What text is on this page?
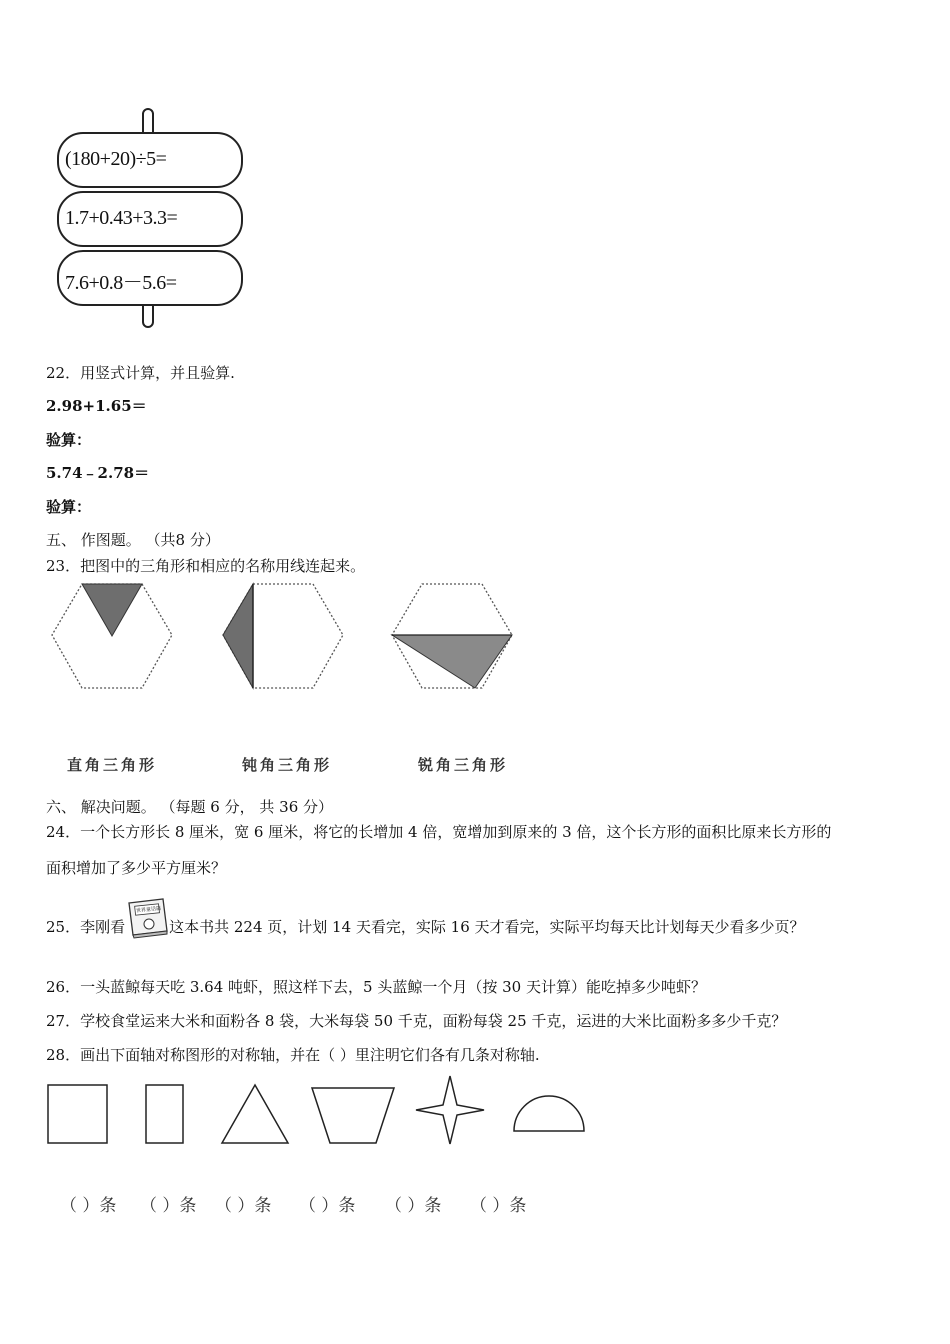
(180+20)÷5=
1.7+0.43+3.3=
7.6+0.8－5.6=
22．用竖式计算，并且验算.
2.98+1.65＝
验算：
5.74﹣2.78＝
验算：
五、 作图题。 （共8 分）
23．把图中的三角形和相应的名称用线连起来。
直角三角形	钝角三角形	锐角三角形
六、 解决问题。 （每题 6 分， 共 36 分）
24．一个长方形长 8 厘米，宽 6 厘米，将它的长增加 4 倍，宽增加到原来的 3 倍，这个长方形的面积比原来长方形的
面积增加了多少平方厘米？
25．李刚看
世界童话篇
这本书共 224 页，计划 14 天看完，实际 16 天才看完，实际平均每天比计划每天少看多少页？
26．一头蓝鲸每天吃 3.64 吨虾，照这样下去，5 头蓝鲸一个月（按 30 天计算）能吃掉多少吨虾？
27．学校食堂运来大米和面粉各 8 袋，大米每袋 50 千克，面粉每袋 25 千克，运进的大米比面粉多多少千克？
28．画出下面轴对称图形的对称轴，并在（ ）里注明它们各有几条对称轴.
（ ）条 （ ）条 （ ）条 （ ）条 （ ）条 （ ）条
